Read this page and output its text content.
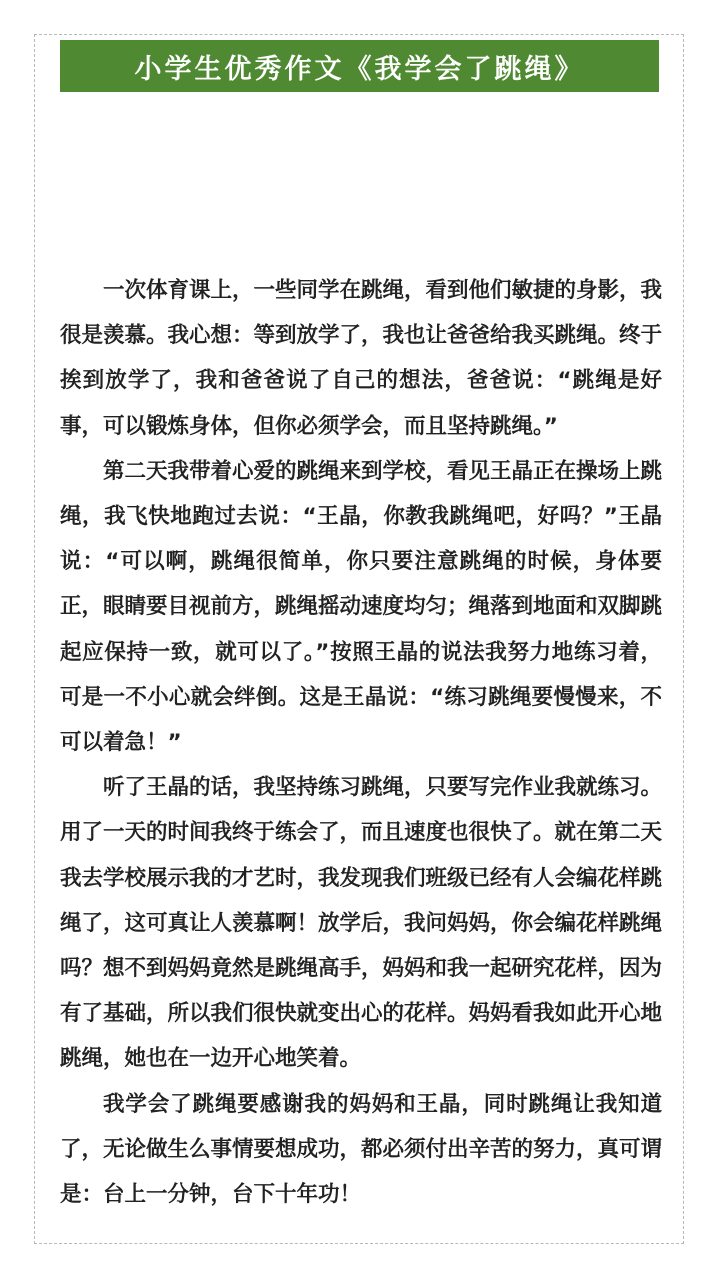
小学生优秀作文《我学会了跳绳》

一次体育课上，一些同学在跳绳，看到他们敏捷的身影，我很是羡慕。我心想：等到放学了，我也让爸爸给我买跳绳。终于挨到放学了，我和爸爸说了自己的想法，爸爸说：“跳绳是好事，可以锻炼身体，但你必须学会，而且坚持跳绳。”

第二天我带着心爱的跳绳来到学校，看见王晶正在操场上跳绳，我飞快地跑过去说：“王晶，你教我跳绳吧，好吗？”王晶说：“可以啊，跳绳很简单，你只要注意跳绳的时候，身体要正，眼睛要目视前方，跳绳摇动速度均匀；绳落到地面和双脚跳起应保持一致，就可以了。”按照王晶的说法我努力地练习着，可是一不小心就会绊倒。这是王晶说：“练习跳绳要慢慢来，不可以着急！”

听了王晶的话，我坚持练习跳绳，只要写完作业我就练习。用了一天的时间我终于练会了，而且速度也很快了。就在第二天我去学校展示我的才艺时，我发现我们班级已经有人会编花样跳绳了，这可真让人羡慕啊！放学后，我问妈妈，你会编花样跳绳吗？想不到妈妈竟然是跳绳高手，妈妈和我一起研究花样，因为有了基础，所以我们很快就变出心的花样。妈妈看我如此开心地跳绳，她也在一边开心地笑着。

我学会了跳绳要感谢我的妈妈和王晶，同时跳绳让我知道了，无论做生么事情要想成功，都必须付出辛苦的努力，真可谓是：台上一分钟，台下十年功！
